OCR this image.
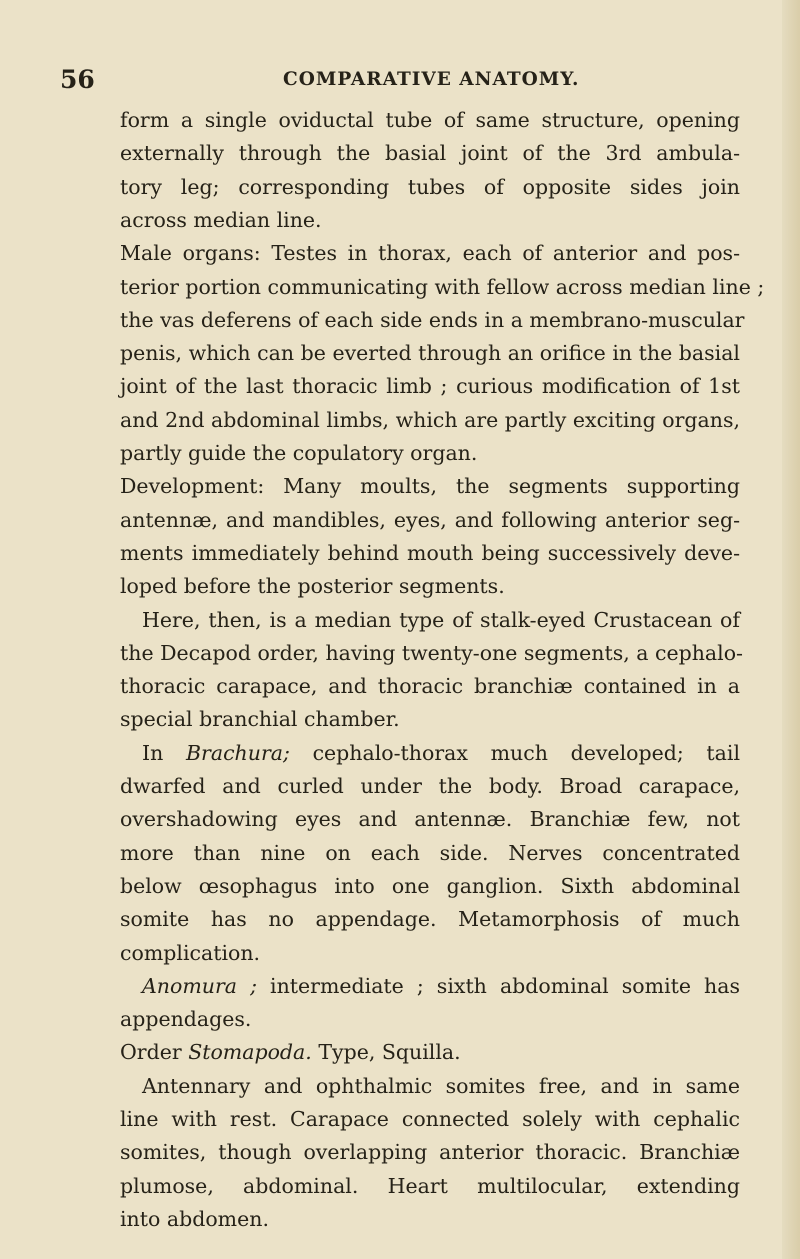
56	COMPARATIVE ANATOMY.
form a single oviductal tube of same structure, opening
externally through the basial joint of the 3rd ambula-
tory leg; corresponding tubes of opposite sides join
across median line.
Male organs: Testes in thorax, each of anterior and pos-
terior portion communicating with fellow across median line ;
the vas deferens of each side ends in a membrano-muscular
penis, which can be everted through an orifice in the basial
joint of the last thoracic limb ; curious modification of 1st
and 2nd abdominal limbs, which are partly exciting organs,
partly guide the copulatory organ.
Development: Many moults, the segments supporting
antennæ, and mandibles, eyes, and following anterior seg-
ments immediately behind mouth being successively deve-
loped before the posterior segments.
Here, then, is a median type of stalk-eyed Crustacean of
the Decapod order, having twenty-one segments, a cephalo-
thoracic carapace, and thoracic branchiæ contained in a
special branchial chamber.
In Brachura; cephalo-thorax much developed; tail
dwarfed and curled under the body. Broad carapace,
overshadowing eyes and antennæ. Branchiæ few, not
more than nine on each side. Nerves concentrated
below œsophagus into one ganglion. Sixth abdominal
somite has no appendage. Metamorphosis of much
complication.
Anomura ; intermediate ; sixth abdominal somite has
appendages.
Order Stomapoda. Type, Squilla.
Antennary and ophthalmic somites free, and in same
line with rest. Carapace connected solely with cephalic
somites, though overlapping anterior thoracic. Branchiæ
plumose, abdominal. Heart multilocular, extending
into abdomen.
